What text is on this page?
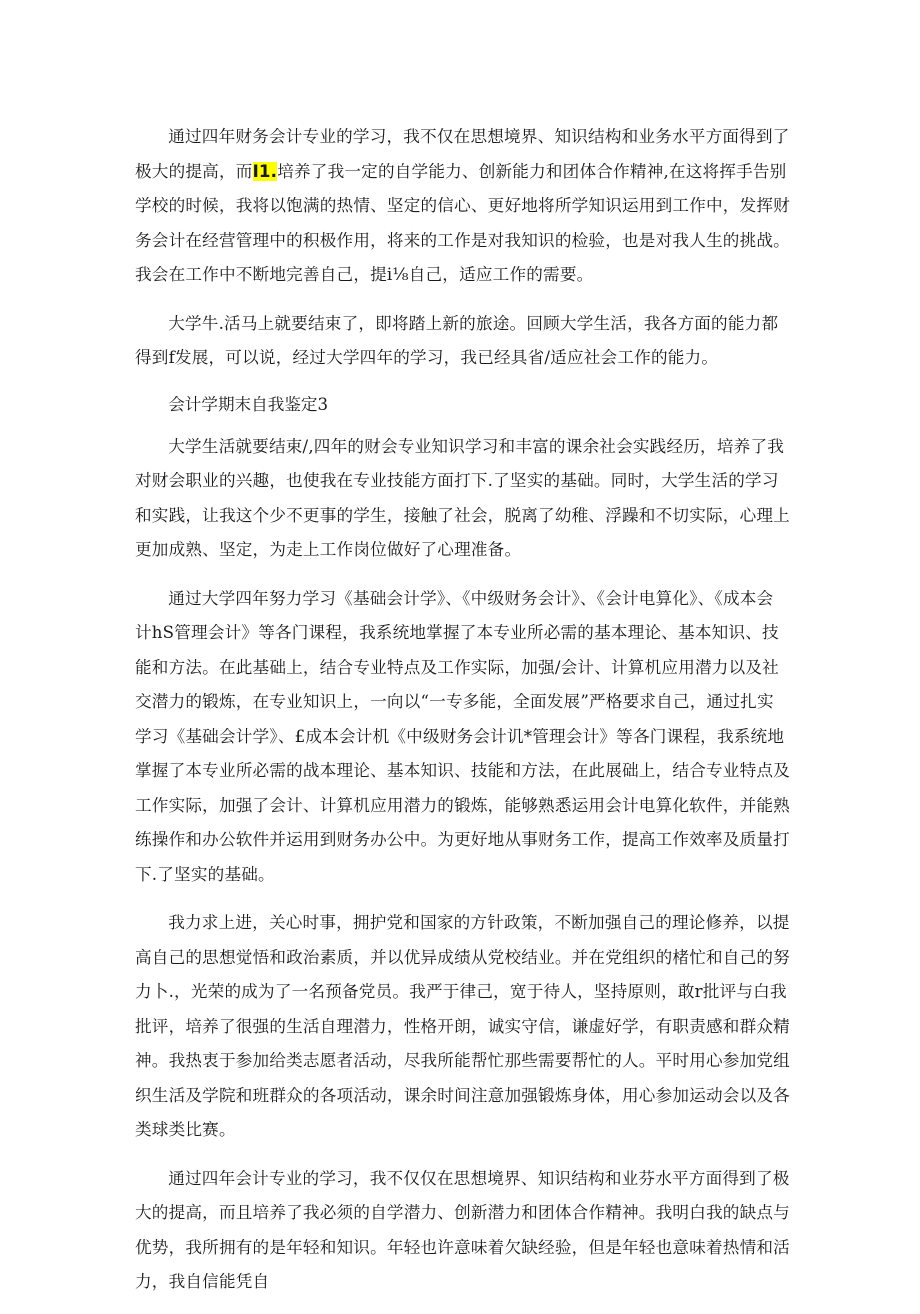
通过四年财务会计专业的学习，我不仅在思想境界、知识结构和业务水平方面得到了极大的提高，而I1.培养了我一定的自学能力、创新能力和团体合作精神,在这将挥手告别学校的时候，我将以饱满的热情、坚定的信心、更好地将所学知识运用到工作中，发挥财务会计在经营管理中的积极作用，将来的工作是对我知识的检验，也是对我人生的挑战。我会在工作中不断地完善自己，提i⅛自己，适应工作的需要。

大学牛.活马上就要结束了，即将踏上新的旅途。回顾大学生活，我各方面的能力都得到f发展，可以说，经过大学四年的学习，我已经具省/适应社会工作的能力。

会计学期末自我鉴定3

大学生活就要结束/,四年的财会专业知识学习和丰富的课余社会实践经历，培养了我对财会职业的兴趣，也使我在专业技能方面打下.了坚实的基础。同时，大学生活的学习和实践，让我这个少不更事的学生，接触了社会，脱离了幼稚、浮躁和不切实际，心理上更加成熟、坚定，为走上工作岗位做好了心理准备。

通过大学四年努力学习《基础会计学》、《中级财务会计》、《会计电算化》、《成本会计hS管理会计》等各门课程，我系统地掌握了本专业所必需的基本理论、基本知识、技能和方法。在此基础上，结合专业特点及工作实际，加强/会计、计算机应用潜力以及社交潜力的锻炼，在专业知识上，一向以“一专多能，全面发展”严格要求自己，通过扎实学习《基础会计学》、£成本会计机《中级财务会计讥*管理会计》等各门课程，我系统地掌握了本专业所必需的战本理论、基本知识、技能和方法，在此展础上，结合专业特点及工作实际，加强了会计、计算机应用潜力的锻炼，能够熟悉运用会计电算化软件，并能熟练操作和办公软件并运用到财务办公中。为更好地从事财务工作，提高工作效率及质量打下.了坚实的基础。

我力求上进，关心时事，拥护党和国家的方针政策，不断加强自己的理论修养，以提高自己的思想觉悟和政治素质，并以优异成绩从党校结业。并在党组织的楮忙和自己的努力卜.，光荣的成为了一名预备党员。我严于律己，宽于待人，坚持原则，敢r批评与白我批评，培养了很强的生活自理潜力，性格开朗，诚实守信，谦虚好学，有职责感和群众精神。我热衷于参加给类志愿者活动，尽我所能帮忙那些需要帮忙的人。平时用心参加党组织生活及学院和班群众的各项活动，课余时间注意加强锻炼身体，用心参加运动会以及各类球类比赛。

通过四年会计专业的学习，我不仅仅在思想境界、知识结构和业芬水平方面得到了极大的提高，而且培养了我必须的自学潜力、创新潜力和团体合作精神。我明白我的缺点与优势，我所拥有的是年轻和知识。年轻也许意味着欠缺经验，但是年轻也意味着热情和活力，我自信能凭自
